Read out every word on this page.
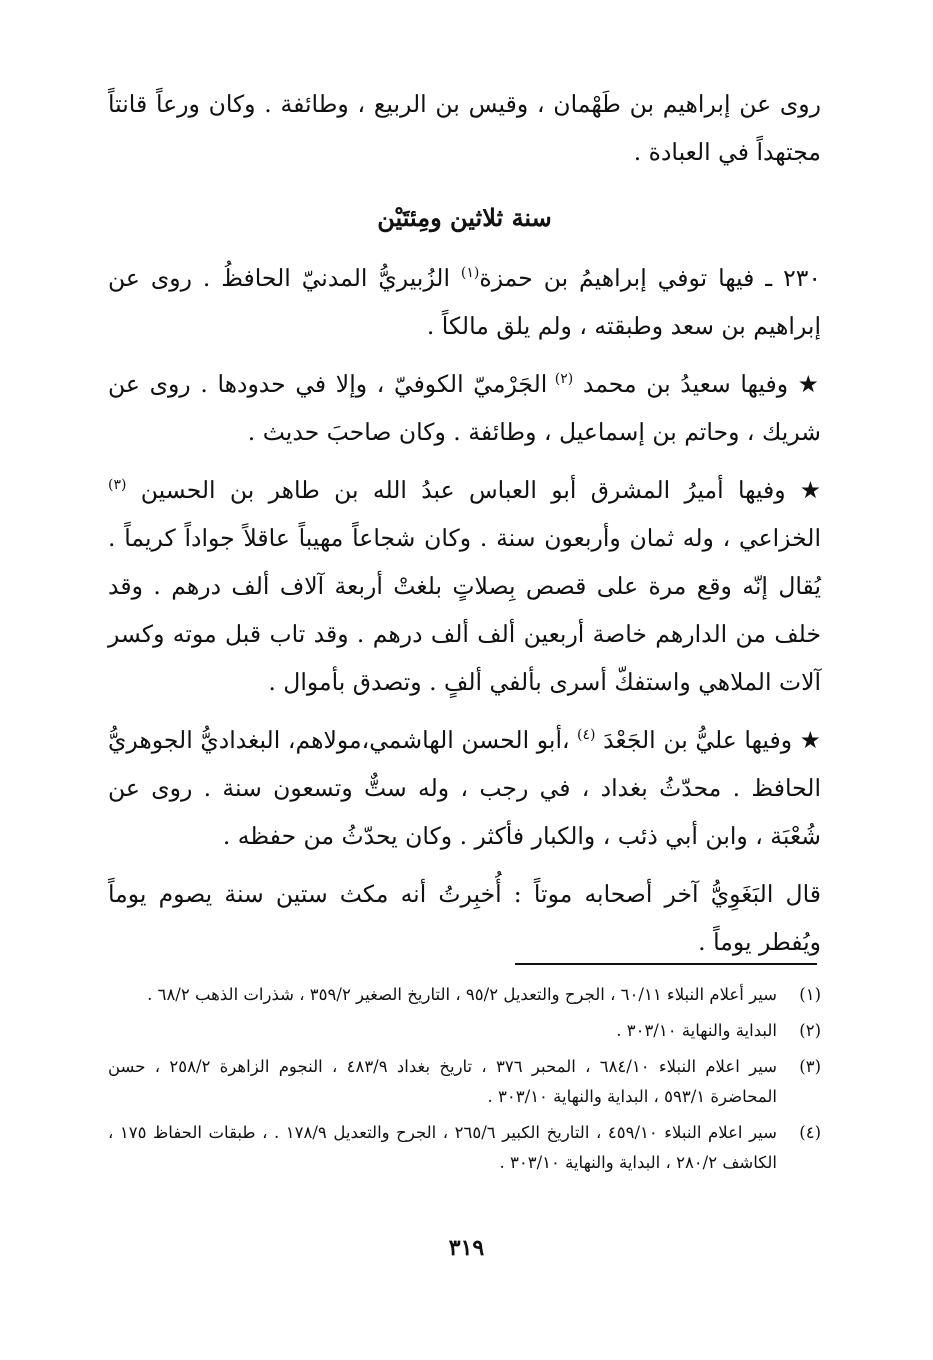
روى عن إبراهيم بن طَهْمان ، وقيس بن الربيع ، وطائفة . وكان ورعاً قانتاً مجتهداً في العبادة .

سنة ثلاثين ومِئتَيْن

٢٣٠ ـ فيها توفي إبراهيمُ بن حمزة$^{(١)}$ الزُبيريُّ المدنيّ الحافظُ . روى عن إبراهيم بن سعد وطبقته ، ولم يلق مالكاً .

★ وفيها سعيدُ بن محمد $^{(٢)}$ الجَرْميّ الكوفيّ ، وإلا في حدودها . روى عن شريك ، وحاتم بن إسماعيل ، وطائفة . وكان صاحبَ حديث .

★ وفيها أميرُ المشرق أبو العباس عبدُ الله بن طاهر بن الحسين $^{(٣)}$ الخزاعي ، وله ثمان وأربعون سنة . وكان شجاعاً مهيباً عاقلاً جواداً كريماً . يُقال إنّه وقع مرة على قصص بِصلاتٍ بلغتْ أربعة آلاف ألف درهم . وقد خلف من الدارهم خاصة أربعين ألف ألف درهم . وقد تاب قبل موته وكسر آلات الملاهي واستفكّ أسرى بألفي ألفٍ . وتصدق بأموال .

★ وفيها عليُّ بن الجَعْدَ $^{(٤)}$ ،أبو الحسن الهاشمي،مولاهم، البغداديُّ الجوهريُّ الحافظ . محدّثُ بغداد ، في رجب ، وله ستٌّ وتسعون سنة . روى عن شُعْبَة ، وابن أبي ذئب ، والكبار فأكثر . وكان يحدّثُ من حفظه .

قال البَغَوِيُّ آخر أصحابه موتاً : أُخبِرتُ أنه مكث ستين سنة يصوم يوماً ويُفطر يوماً .

(١)
سير أعلام النبلاء ٦٠/١١ ، الجرح والتعديل ٩٥/٢ ، التاريخ الصغير ٣٥٩/٢ ، شذرات الذهب ٦٨/٢ .
(٢)
البداية والنهاية ٣٠٣/١٠ .
(٣)
سير اعلام النبلاء ٦٨٤/١٠ ، المحبر ٣٧٦ ، تاريخ بغداد ٤٨٣/٩ ، النجوم الزاهرة ٢٥٨/٢ ، حسن المحاضرة ٥٩٣/١ ، البداية والنهاية ٣٠٣/١٠ .
(٤)
سير اعلام النبلاء ٤٥٩/١٠ ، التاريخ الكبير ٢٦٥/٦ ، الجرح والتعديل ١٧٨/٩ . ، طبقات الحفاظ ١٧٥ ، الكاشف ٢٨٠/٢ ، البداية والنهاية ٣٠٣/١٠ .
٣١٩
